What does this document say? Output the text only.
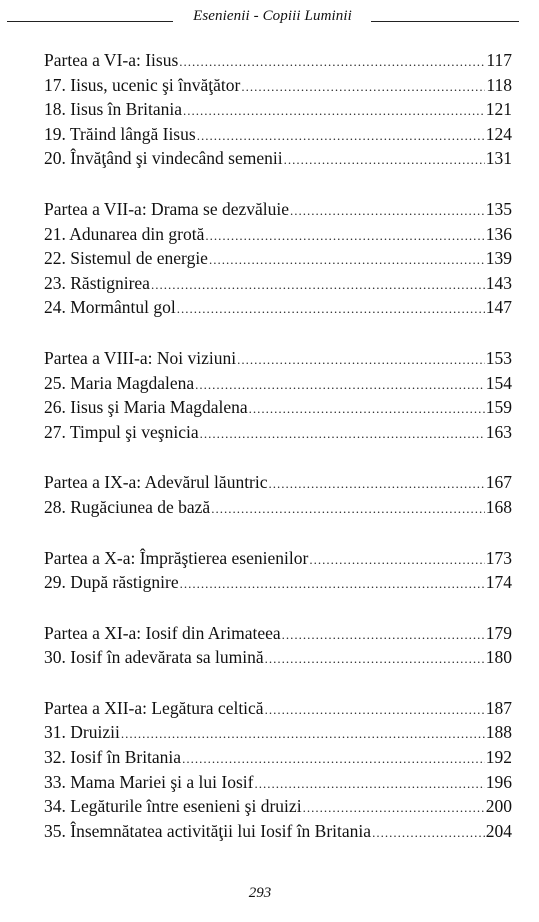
Esenienii - Copiii Luminii
Partea a VI-a: Iisus .....	117
17. Iisus, ucenic şi învăţător .....	118
18. Iisus în Britania .....	121
19. Trăind lângă Iisus .....	124
20. Învăţând şi vindecând semenii .....	131
Partea a VII-a: Drama se dezvăluie .....	135
21. Adunarea din grotă .....	136
22. Sistemul de energie .....	139
23. Răstignirea .....	143
24. Mormântul gol .....	147
Partea a VIII-a: Noi viziuni .....	153
25. Maria Magdalena .....	154
26. Iisus şi Maria Magdalena .....	159
27. Timpul şi veşnicia .....	163
Partea a IX-a: Adevărul lăuntric .....	167
28. Rugăciunea de bază .....	168
Partea a X-a: Împrăştierea esenienilor .....	173
29. După răstignire .....	174
Partea a XI-a: Iosif din Arimateea .....	179
30. Iosif în adevărata sa lumină .....	180
Partea a XII-a: Legătura celtică .....	187
31. Druizii .....	188
32. Iosif în Britania .....	192
33. Mama Mariei şi a lui Iosif .....	196
34. Legăturile între esenieni şi druizi .....	200
35. Însemnătatea activităţii lui Iosif în Britania .....	204
293
